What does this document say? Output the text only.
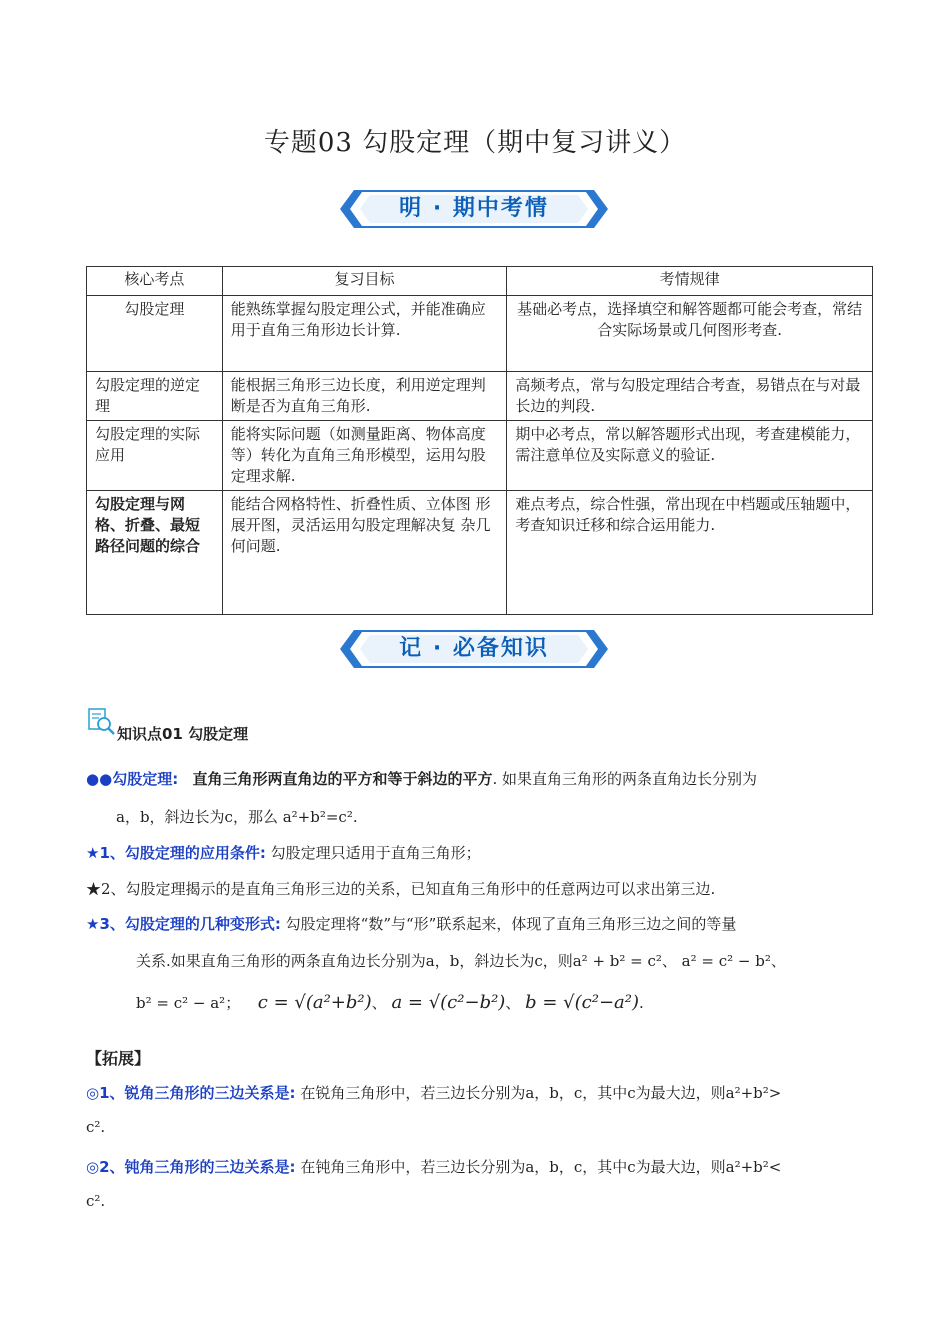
专题03 勾股定理（期中复习讲义）
明 · 期中考情
核心考点	复习目标	考情规律
勾股定理	能熟练掌握勾股定理公式，并能准确应用于直角三角形边长计算.	基础必考点，选择填空和解答题都可能会考查，常结合实际场景或几何图形考查.
勾股定理的逆定理	能根据三角形三边长度，利用逆定理判断是否为直角三角形.	高频考点，常与勾股定理结合考查，易错点在与对最长边的判段.
勾股定理的实际应用	能将实际问题（如测量距离、物体高度等）转化为直角三角形模型，运用勾股定理求解.	期中必考点，常以解答题形式出现，考查建模能力，需注意单位及实际意义的验证.
勾股定理与网格、折叠、最短路径问题的综合	能结合网格特性、折叠性质、立体图 形展开图，灵活运用勾股定理解决复 杂几何问题.	难点考点，综合性强，常出现在中档题或压轴题中，考查知识迁移和综合运用能力.
记 · 必备知识
知识点01 勾股定理
●●勾股定理: 直角三角形两直角边的平方和等于斜边的平方. 如果直角三角形的两条直角边长分别为
a，b，斜边长为c，那么 a²+b²=c².
★1、勾股定理的应用条件: 勾股定理只适用于直角三角形；
★2、勾股定理揭示的是直角三角形三边的关系，已知直角三角形中的任意两边可以求出第三边.
★3、勾股定理的几种变形式: 勾股定理将“数”与“形”联系起来，体现了直角三角形三边之间的等量
关系.如果直角三角形的两条直角边长分别为a，b，斜边长为c，则a² + b² = c²、 a² = c² − b²、
b² = c² − a²； c = √(a²+b²)、 a = √(c²−b²)、 b = √(c²−a²).
【拓展】
◎1、锐角三角形的三边关系是: 在锐角三角形中，若三边长分别为a，b，c，其中c为最大边，则a²+b²>
c².
◎2、钝角三角形的三边关系是: 在钝角三角形中，若三边长分别为a，b，c，其中c为最大边，则a²+b²<
c².
